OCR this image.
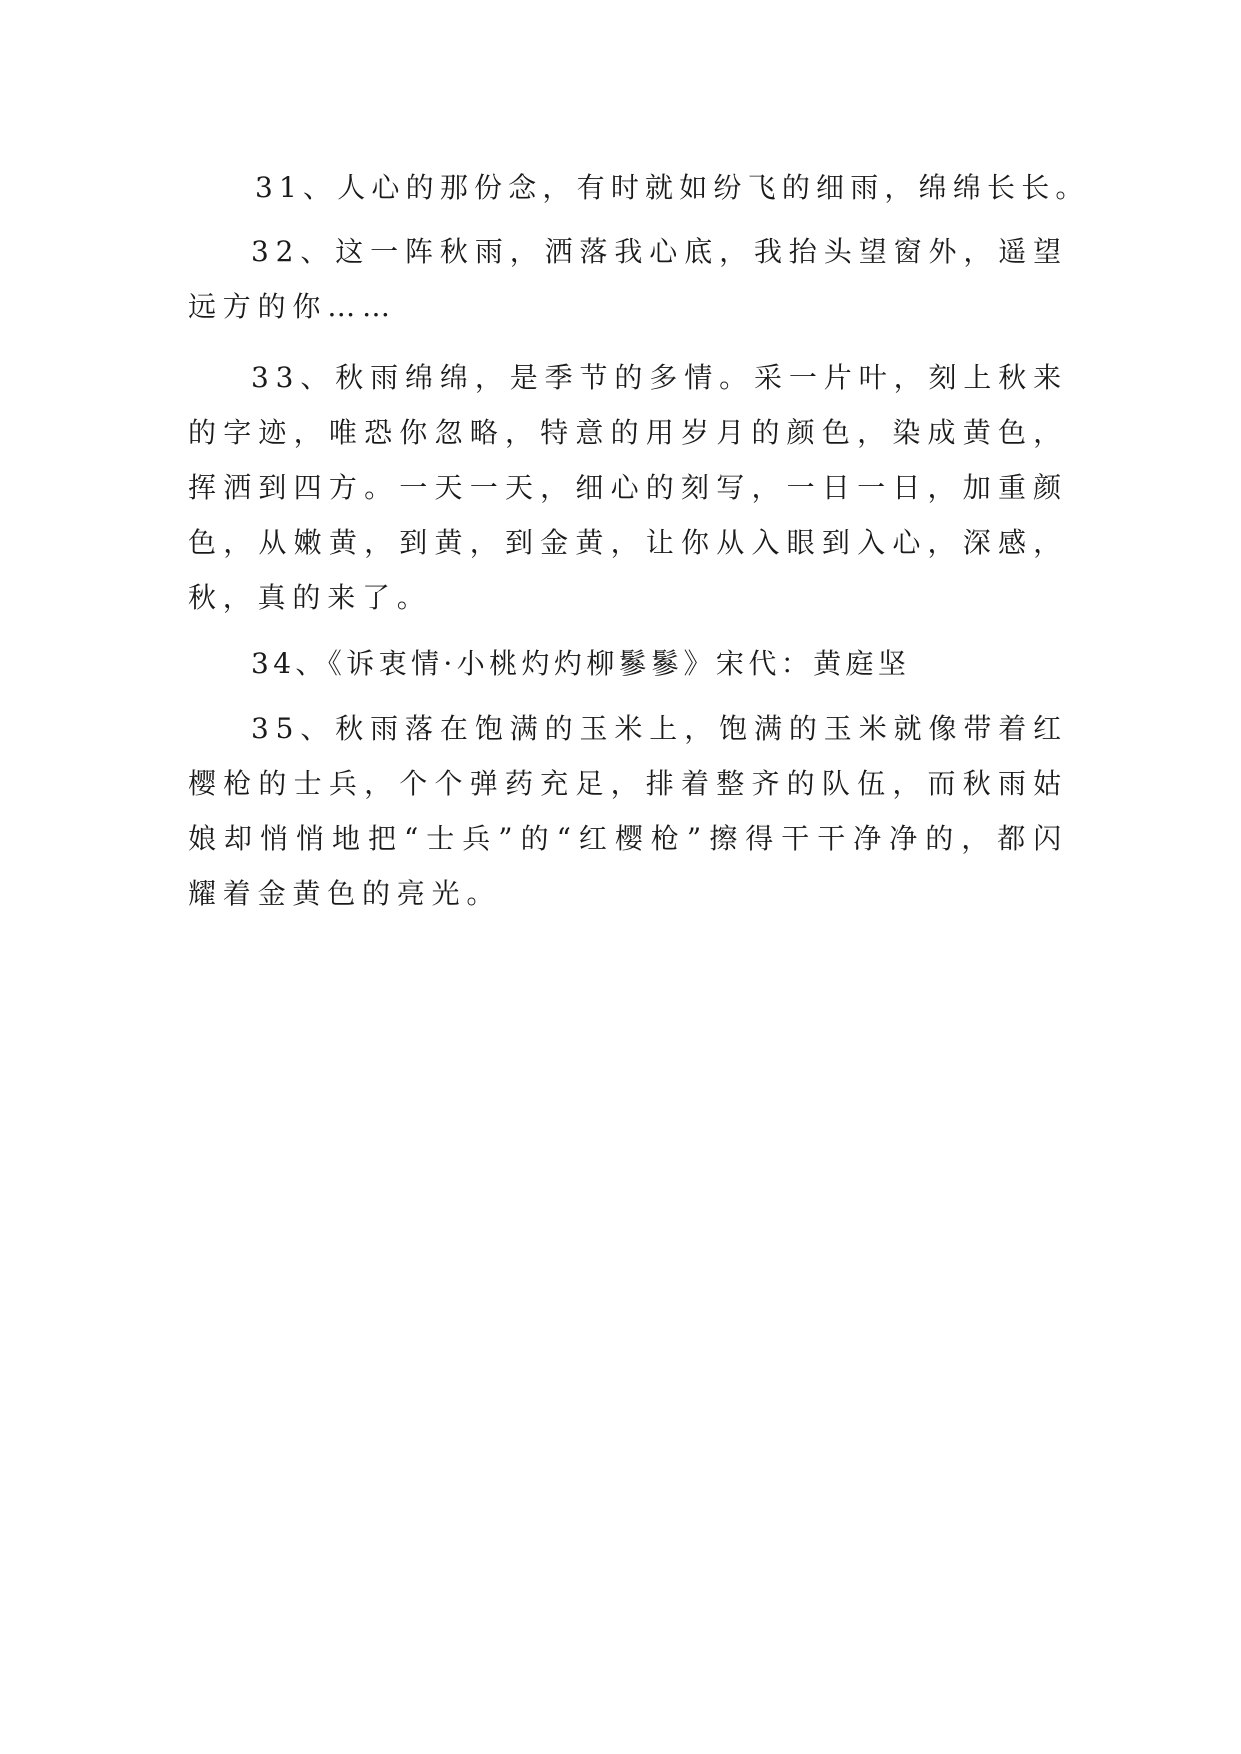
31、人心的那份念，有时就如纷飞的细雨，绵绵长长。

32、这一阵秋雨，洒落我心底，我抬头望窗外，遥望远方的你……

33、秋雨绵绵，是季节的多情。采一片叶，刻上秋来的字迹，唯恐你忽略，特意的用岁月的颜色，染成黄色，挥洒到四方。一天一天，细心的刻写，一日一日，加重颜色，从嫩黄，到黄，到金黄，让你从入眼到入心，深感，秋，真的来了。

34、《诉衷情·小桃灼灼柳鬖鬖》宋代：黄庭坚

35、秋雨落在饱满的玉米上，饱满的玉米就像带着红樱枪的士兵，个个弹药充足，排着整齐的队伍，而秋雨姑娘却悄悄地把“士兵”的“红樱枪”擦得干干净净的，都闪耀着金黄色的亮光。
